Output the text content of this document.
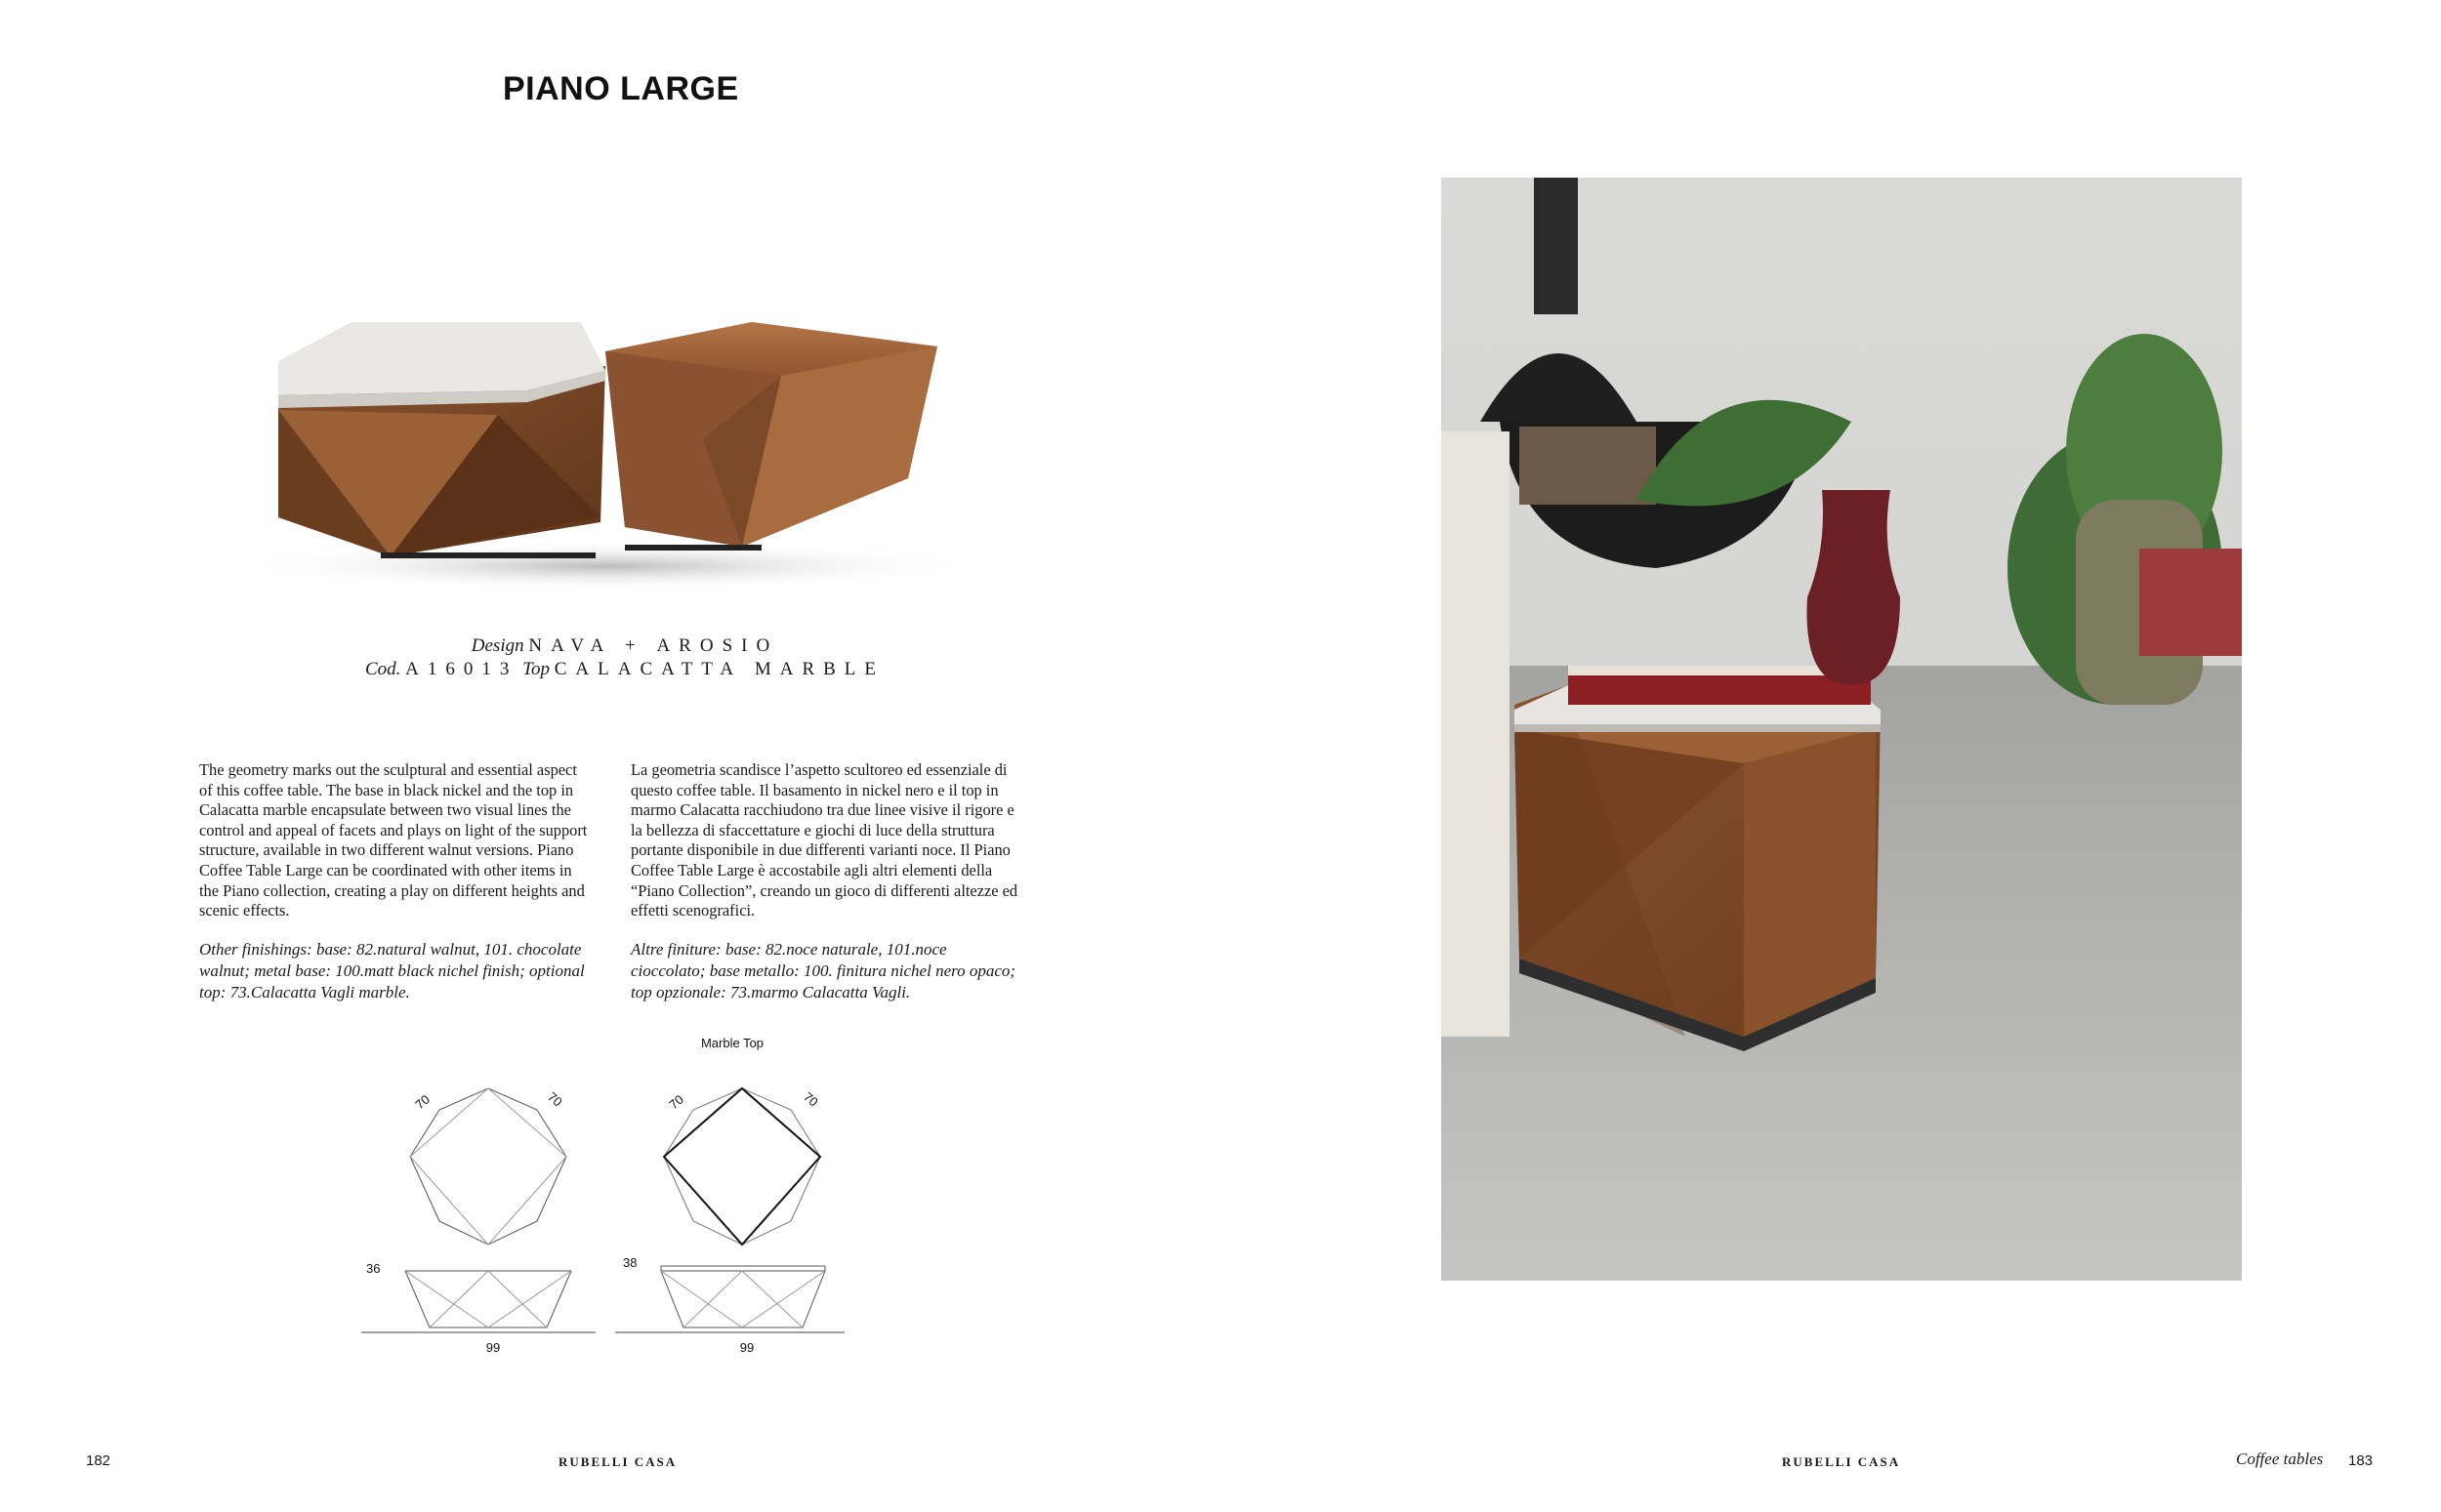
PIANO LARGE
Design NAVA + AROSIO
Cod. A16013 Top CALACATTA MARBLE

The geometry marks out the sculptural and essential aspect of this coffee table. The base in black nickel and the top in Calacatta marble encapsulate between two visual lines the control and appeal of facets and plays on light of the support structure, available in two different walnut versions. Piano Coffee Table Large can be coordinated with other items in the Piano collection, creating a play on different heights and scenic effects.

Other finishings: base: 82.natural walnut, 101. chocolate walnut; metal base: 100.matt black nichel finish; optional top: 73.Calacatta Vagli marble.

La geometria scandisce l’aspetto scultoreo ed essenziale di questo coffee table. Il basamento in nickel nero e il top in marmo Calacatta racchiudono tra due linee visive il rigore e la bellezza di sfaccettature e giochi di luce della struttura portante disponibile in due differenti varianti noce. Il Piano Coffee Table Large è accostabile agli altri elementi della “Piano Collection”, creando un gioco di differenti altezze ed effetti scenografici.

Altre finiture: base: 82.noce naturale, 101.noce cioccolato; base metallo: 100. finitura nichel nero opaco; top opzionale: 73.marmo Calacatta Vagli.

Marble Top
70	70
36
99
70	70
38
99
182	RUBELLI CASA	RUBELLI CASA	Coffee tables 183
